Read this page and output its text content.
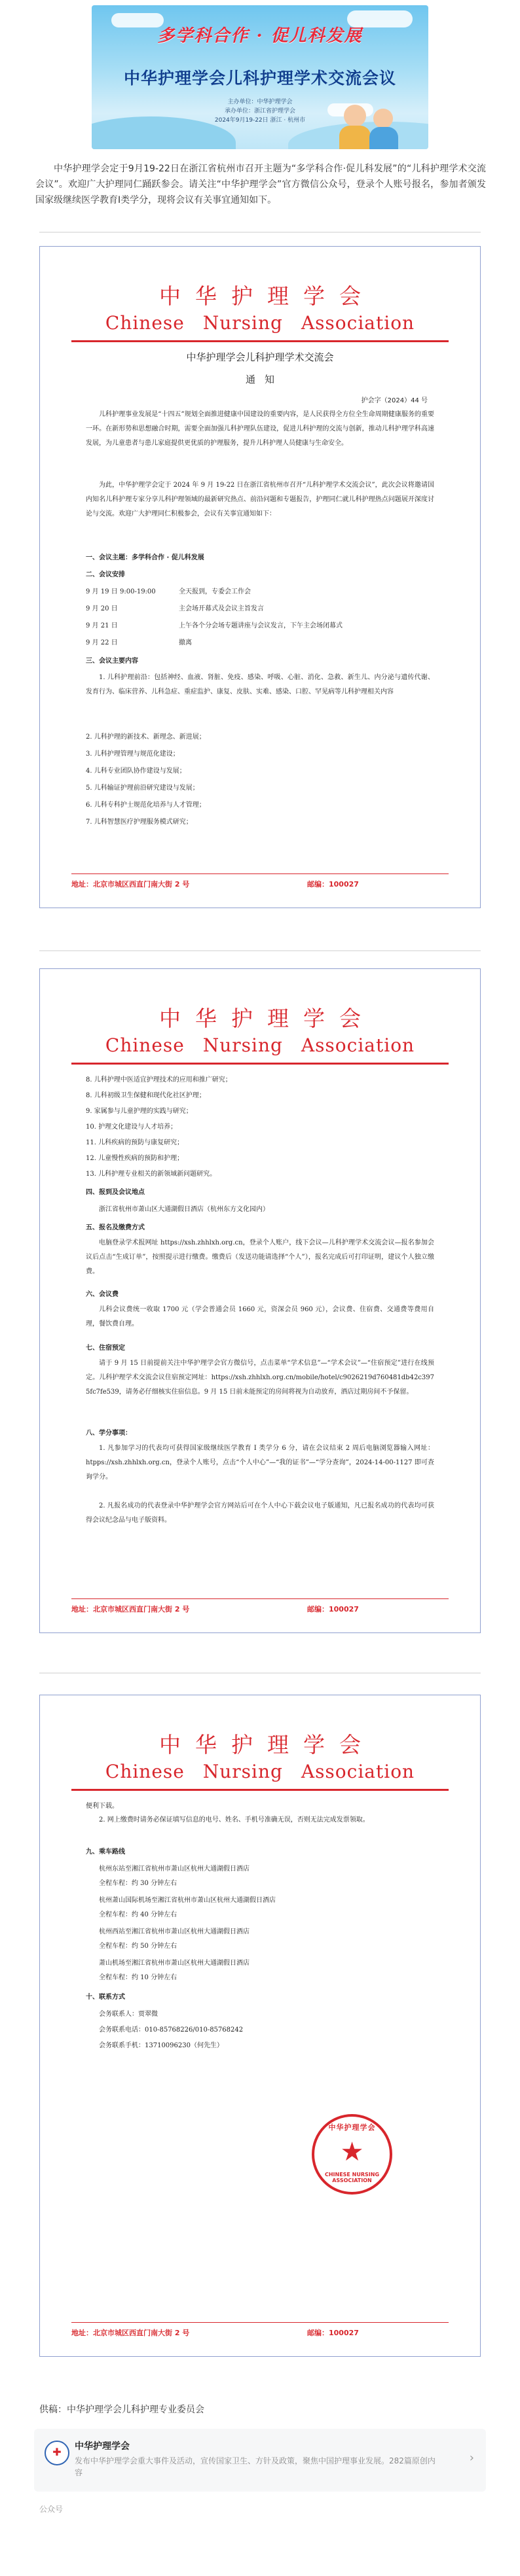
多学科合作 · 促儿科发展
中华护理学会儿科护理学术交流会议
主办单位：中华护理学会
承办单位：浙江省护理学会
2024年9月19-22日 浙江 · 杭州市
中华护理学会定于9月19-22日在浙江省杭州市召开主题为“多学科合作·促儿科发展”的“儿科护理学术交流会议”。欢迎广大护理同仁踊跃参会。请关注“中华护理学会”官方微信公众号，登录个人账号报名，参加者颁发国家级继续医学教育I类学分，现将会议有关事宜通知如下。
中华护理学会
Chinese Nursing Association
中华护理学会儿科护理学术交流会
通知
护会字（2024）44 号
儿科护理事业发展是“十四五”规划全面推进健康中国建设的重要内容，是人民获得全方位全生命周期健康服务的重要一环。在新形势和思想融合时期，需要全面加强儿科护理队伍建设，促进儿科护理的交流与创新，推动儿科护理学科高速发展，为儿童患者与患儿家庭提供更优质的护理服务，提升儿科护理人员健康与生命安全。
为此，中华护理学会定于 2024 年 9 月 19-22 日在浙江省杭州市召开“儿科护理学术交流会议”，此次会议将邀请国内知名儿科护理专家分享儿科护理领域的最新研究热点、前沿问题和专题报告，护理同仁就儿科护理热点问题展开深度讨论与交流。欢迎广大护理同仁积极参会，会议有关事宜通知如下：
一、会议主题：多学科合作 · 促儿科发展
二、会议安排
9 月 19 日 9:00-19:00	全天报到，专委会工作会
9 月 20 日	主会场开幕式及会议主旨发言
9 月 21 日	上午各个分会场专题讲座与会议发言，下午主会场闭幕式
9 月 22 日	撤离
三、会议主要内容
1. 儿科护理前沿：包括神经、血液、肾脏、免疫、感染、呼吸、心脏、消化、急救、新生儿、内分泌与遗传代谢、发育行为、临床营养、儿科急症、重症监护、康复、皮肤、实难、感染、口腔、罕见病等儿科护理相关内容
2. 儿科护理的新技术、新理念、新进展；
3. 儿科护理管理与规范化建设；
4. 儿科专业团队协作建设与发展；
5. 儿科输证护理前沿研究建设与发展；
6. 儿科专科护士规范化培养与人才管理；
7. 儿科智慧医疗护理服务模式研究；
地址：北京市城区西直门南大街 2 号	邮编：100027
中华护理学会
Chinese Nursing Association
8. 儿科护理中医适宜护理技术的应用和推广研究；
8. 儿科初级卫生保健和现代化社区护理；
9. 家属参与儿童护理的实践与研究；
10. 护理文化建设与人才培养；
11. 儿科疾病的预防与康复研究；
12. 儿童慢性疾病的预防和护理；
13. 儿科护理专业相关的新领域新问题研究。
四、报到及会议地点
浙江省杭州市萧山区大通湖假日酒店（杭州东方文化园内）
五、报名及缴费方式
电脑登录学术报网址 https://xsh.zhhlxh.org.cn，登录个人账户，线下会议—儿科护理学术交流会议—报名参加会议后点击“生成订单”，按照提示进行缴费。缴费后（发送功能请选择“个人”），报名完成后可打印证明，建议个人独立缴费。
六、会议费
儿科会议费统一收取 1700 元（学会普通会员 1660 元，资深会员 960 元），会议费、住宿费、交通费等费用自理，餐饮费自理。
七、住宿预定
请于 9 月 15 日前提前关注中华护理学会官方微信号，点击菜单“学术信息”—“学术会议”—“住宿预定”进行在线预定。儿科护理学术交流会议住宿预定网址：https://xsh.zhhlxh.org.cn/mobile/hotel/c9026219d760481db42c3975fc7fe539，请务必仔细核实住宿信息。9 月 15 日前未能预定的房间将视为自动放弃，酒店过期房间不予保留。
八、学分事项：
1. 凡参加学习的代表均可获得国家级继续医学教育 I 类学分 6 分，请在会议结束 2 周后电脑浏览器输入网址：htpps://xsh.zhhlxh.org.cn，登录个人账号，点击“个人中心”—“我的证书”—“学分查询”，2024-14-00-1127 即可查询学分。
2. 凡报名成功的代表登录中华护理学会官方网站后可在个人中心下载会议电子版通知，凡已报名成功的代表均可获得会议纪念品与电子版资料。
地址：北京市城区西直门南大街 2 号	邮编：100027
中华护理学会
Chinese Nursing Association
便利下载。
2. 网上缴费时请务必保证填写信息的电号、姓名、手机号准确无误，否则无法完成发票领取。
九、乘车路线
杭州东站至湘江省杭州市萧山区杭州大通湖假日酒店
全程车程：约 30 分钟左右
杭州萧山国际机场至湘江省杭州市萧山区杭州大通湖假日酒店
全程车程：约 40 分钟左右
杭州西站至湘江省杭州市萧山区杭州大通湖假日酒店
全程车程：约 50 分钟左右
萧山机场至湘江省杭州市萧山区杭州大通湖假日酒店
全程车程：约 10 分钟左右
十、联系方式
会务联系人：贾翠微
会务联系电话：010-85768226/010-85768242
会务联系手机：13710096230（何先生）
中华护理学会
★
CHINESE NURSING ASSOCIATION
地址：北京市城区西直门南大街 2 号	邮编：100027
供稿：中华护理学会儿科护理专业委员会
✚	中华护理学会
发布中华护理学会重大事件及活动，宣传国家卫生、方针及政策，聚焦中国护理事业发展。282篇原创内容
›
公众号
